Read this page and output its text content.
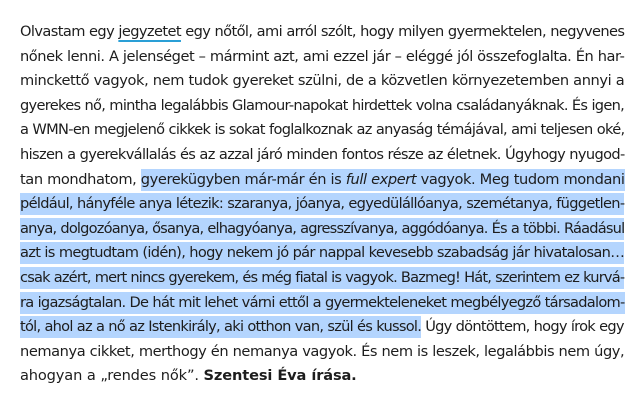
Olvastam egy jegyzetet egy nőtől, ami arról szólt, hogy milyen gyermektelen, negyvenes
nőnek lenni. A jelenséget – mármint azt, ami ezzel jár – eléggé jól összefoglalta. Én har-
minckettő vagyok, nem tudok gyereket szülni, de a közvetlen környezetemben annyi a
gyerekes nő, mintha legalábbis Glamour-napokat hirdettek volna családanyáknak. És igen,
a WMN-en megjelenő cikkek is sokat foglalkoznak az anyaság témájával, ami teljesen oké,
hiszen a gyerekvállalás és az azzal járó minden fontos része az életnek. Úgyhogy nyugod-
tan mondhatom, gyerekügyben már-már én is full expert vagyok. Meg tudom mondani
például, hányféle anya létezik: szaranya, jóanya, egyedülállóanya, szemétanya, független-
anya, dolgozóanya, ősanya, elhagyóanya, agresszívanya, aggódóanya. És a többi. Ráadásul
azt is megtudtam (idén), hogy nekem jó pár nappal kevesebb szabadság jár hivatalosan…
csak azért, mert nincs gyerekem, és még fiatal is vagyok. Bazmeg! Hát, szerintem ez kurvá-
ra igazságtalan. De hát mit lehet várni ettől a gyermekteleneket megbélyegző társadalom-
tól, ahol az a nő az Istenkirály, aki otthon van, szül és kussol. Úgy döntöttem, hogy írok egy
nemanya cikket, merthogy én nemanya vagyok. És nem is leszek, legalábbis nem úgy,
ahogyan a „rendes nők”. Szentesi Éva írása.
